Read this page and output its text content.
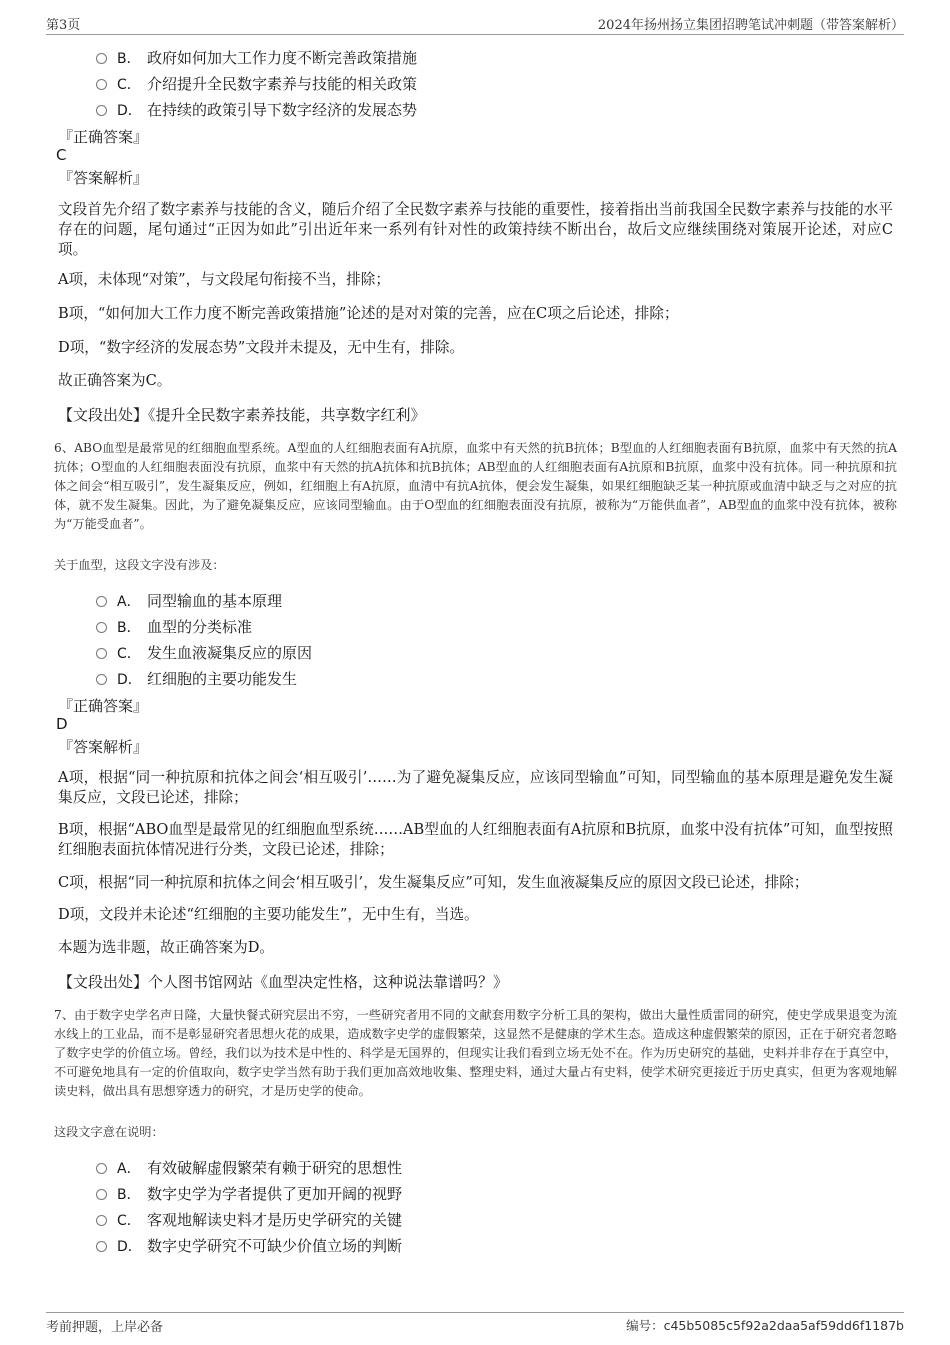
第3页	2024年扬州扬立集团招聘笔试冲刺题（带答案解析）
B． 政府如何加大工作力度不断完善政策措施
C． 介绍提升全民数字素养与技能的相关政策
D． 在持续的政策引导下数字经济的发展态势
『正确答案』
C
『答案解析』
文段首先介绍了数字素养与技能的含义，随后介绍了全民数字素养与技能的重要性，接着指出当前我国全民数字素养与技能的水平存在的问题，尾句通过“正因为如此”引出近年来一系列有针对性的政策持续不断出台，故后文应继续围绕对策展开论述，对应C项。
A项，未体现“对策”，与文段尾句衔接不当，排除；
B项，“如何加大工作力度不断完善政策措施”论述的是对对策的完善，应在C项之后论述，排除；
D项，“数字经济的发展态势”文段并未提及，无中生有，排除。
故正确答案为C。
【文段出处】《提升全民数字素养技能，共享数字红利》
6、ABO血型是最常见的红细胞血型系统。A型血的人红细胞表面有A抗原，血浆中有天然的抗B抗体；B型血的人红细胞表面有B抗原，血浆中有天然的抗A抗体；O型血的人红细胞表面没有抗原，血浆中有天然的抗A抗体和抗B抗体；AB型血的人红细胞表面有A抗原和B抗原，血浆中没有抗体。同一种抗原和抗体之间会“相互吸引”，发生凝集反应，例如，红细胞上有A抗原，血清中有抗A抗体，便会发生凝集，如果红细胞缺乏某一种抗原或血清中缺乏与之对应的抗体，就不发生凝集。因此，为了避免凝集反应，应该同型输血。由于O型血的红细胞表面没有抗原，被称为“万能供血者”，AB型血的血浆中没有抗体，被称为“万能受血者”。
关于血型，这段文字没有涉及：
A． 同型输血的基本原理
B． 血型的分类标准
C． 发生血液凝集反应的原因
D． 红细胞的主要功能发生
『正确答案』
D
『答案解析』
A项，根据“同一种抗原和抗体之间会‘相互吸引’……为了避免凝集反应，应该同型输血”可知，同型输血的基本原理是避免发生凝集反应，文段已论述，排除；
B项，根据“ABO血型是最常见的红细胞血型系统……AB型血的人红细胞表面有A抗原和B抗原，血浆中没有抗体”可知，血型按照红细胞表面抗体情况进行分类，文段已论述，排除；
C项，根据“同一种抗原和抗体之间会‘相互吸引’，发生凝集反应”可知，发生血液凝集反应的原因文段已论述，排除；
D项，文段并未论述“红细胞的主要功能发生”，无中生有，当选。
本题为选非题，故正确答案为D。
【文段出处】个人图书馆网站《血型决定性格，这种说法靠谱吗？》
7、由于数字史学名声日隆，大量快餐式研究层出不穷，一些研究者用不同的文献套用数字分析工具的架构，做出大量性质雷同的研究，使史学成果退变为流水线上的工业品，而不是彰显研究者思想火花的成果，造成数字史学的虚假繁荣，这显然不是健康的学术生态。造成这种虚假繁荣的原因，正在于研究者忽略了数字史学的价值立场。曾经，我们以为技术是中性的、科学是无国界的，但现实让我们看到立场无处不在。作为历史研究的基础，史料并非存在于真空中，不可避免地具有一定的价值取向，数字史学当然有助于我们更加高效地收集、整理史料，通过大量占有史料，使学术研究更接近于历史真实，但更为客观地解读史料，做出具有思想穿透力的研究，才是历史学的使命。
这段文字意在说明：
A． 有效破解虚假繁荣有赖于研究的思想性
B． 数字史学为学者提供了更加开阔的视野
C． 客观地解读史料才是历史学研究的关键
D． 数字史学研究不可缺少价值立场的判断
考前押题，上岸必备	编号：c45b5085c5f92a2daa5af59dd6f1187b
